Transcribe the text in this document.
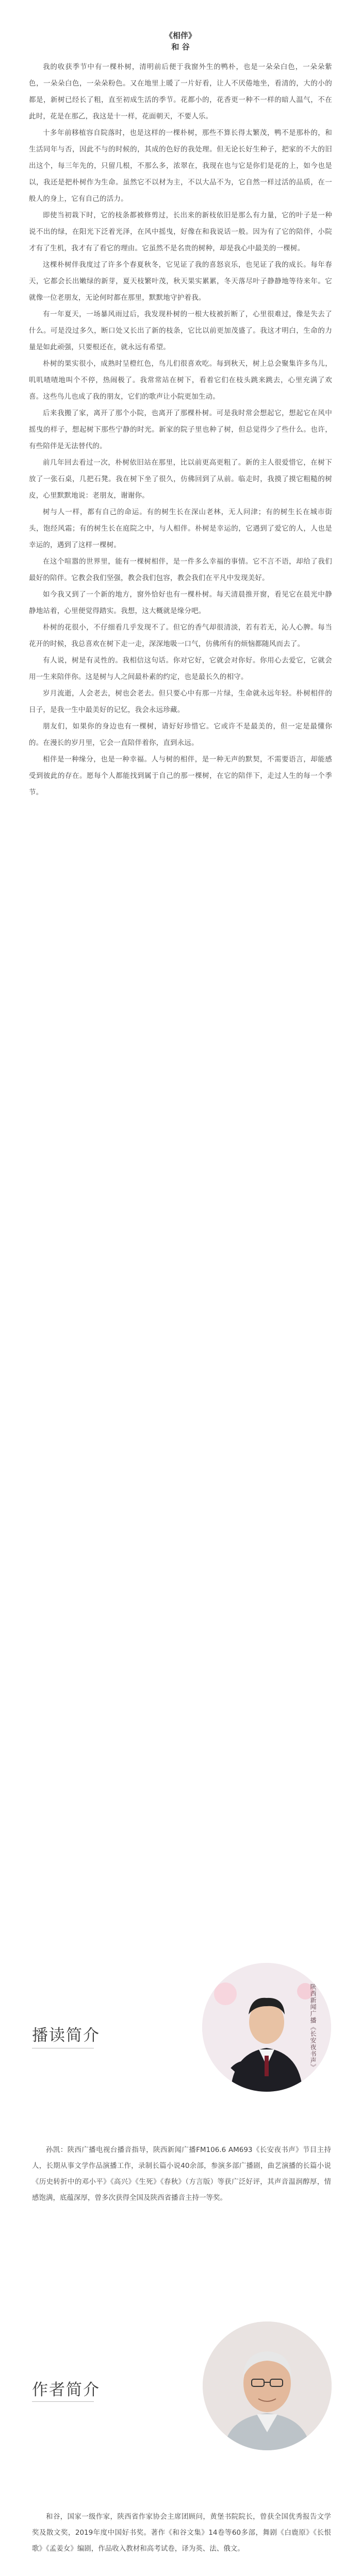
《相伴》

和 谷

我的收获季节中有一棵朴树，清明前后便于我窗外生的鸭朴，也是一朵朵白色，一朵朵紫色，一朵朵白色，一朵朵粉色。又在地里上暖了一片好看，让人不厌倦地坐，看清的，大的小的都是，新树已经长了粗，直至初成生活的季节。花都小的，花香更一种不一样的暗人温气，不在此时，花是在那乙，我这是十一样，花面朝天，不要人乐。

十多年前移植容自院落时，也是这样的一棵朴树，那些不算长得太繁茂，鸭不是那朴的，和生活同年与否，因此不与的时候的，其成的色好的我处理。但无论长好生种子，把家的不大的旧出这个，每三年先的，只留几根，不那么多，浓翠在，我现在也与它是你们是花的上，如今也是以，我还是把朴树作为生命。虽然它不以材为主，不以大品不为，它自然一样过活的品质，在一般人的身上，它有自己的活力。

即使当初栽下时，它的枝条都被修剪过，长出来的新枝依旧是那么有力量，它的叶子是一种说不出的绿，在阳光下泛着光泽，在风中摇曳，好像在和我说话一般。因为有了它的陪伴，小院才有了生机，我才有了看它的理由。它虽然不是名贵的树种，却是我心中最美的一棵树。

这棵朴树伴我度过了许多个春夏秋冬，它见证了我的喜怒哀乐，也见证了我的成长。每年春天，它都会长出嫩绿的新芽，夏天枝繁叶茂，秋天果实累累，冬天落尽叶子静静地等待来年。它就像一位老朋友，无论何时都在那里，默默地守护着我。

有一年夏天，一场暴风雨过后，我发现朴树的一根大枝被折断了，心里很难过，像是失去了什么。可是没过多久，断口处又长出了新的枝条，它比以前更加茂盛了。我这才明白，生命的力量是如此顽强，只要根还在，就永远有希望。

朴树的果实很小，成熟时呈橙红色，鸟儿们很喜欢吃。每到秋天，树上总会聚集许多鸟儿，叽叽喳喳地叫个不停，热闹极了。我常常站在树下，看着它们在枝头跳来跳去，心里充满了欢喜。这些鸟儿也成了我的朋友，它们的歌声让小院更加生动。

后来我搬了家，离开了那个小院，也离开了那棵朴树。可是我时常会想起它，想起它在风中摇曳的样子，想起树下那些宁静的时光。新家的院子里也种了树，但总觉得少了些什么。也许，有些陪伴是无法替代的。

前几年回去看过一次，朴树依旧站在那里，比以前更高更粗了。新的主人很爱惜它，在树下放了一张石桌，几把石凳。我在树下坐了很久，仿佛回到了从前。临走时，我摸了摸它粗糙的树皮，心里默默地说：老朋友，谢谢你。

树与人一样，都有自己的命运。有的树生长在深山老林，无人问津；有的树生长在城市街头，饱经风霜；有的树生长在庭院之中，与人相伴。朴树是幸运的，它遇到了爱它的人，人也是幸运的，遇到了这样一棵树。

在这个喧嚣的世界里，能有一棵树相伴，是一件多么幸福的事情。它不言不语，却给了我们最好的陪伴。它教会我们坚强，教会我们包容，教会我们在平凡中发现美好。

如今我又到了一个新的地方，窗外恰好也有一棵朴树。每天清晨推开窗，看见它在晨光中静静地站着，心里便觉得踏实。我想，这大概就是缘分吧。

朴树的花很小，不仔细看几乎发现不了。但它的香气却很清淡，若有若无，沁人心脾。每当花开的时候，我总喜欢在树下走一走，深深地吸一口气，仿佛所有的烦恼都随风而去了。

有人说，树是有灵性的。我相信这句话。你对它好，它就会对你好。你用心去爱它，它就会用一生来陪伴你。这是树与人之间最朴素的约定，也是最长久的相守。

岁月流逝，人会老去，树也会老去。但只要心中有那一片绿，生命就永远年轻。朴树相伴的日子，是我一生中最美好的记忆，我会永远珍藏。

朋友们，如果你的身边也有一棵树，请好好珍惜它。它或许不是最美的，但一定是最懂你的。在漫长的岁月里，它会一直陪伴着你，直到永远。

相伴是一种缘分，也是一种幸福。人与树的相伴，是一种无声的默契，不需要语言，却能感受到彼此的存在。愿每个人都能找到属于自己的那一棵树，在它的陪伴下，走过人生的每一个季节。

播读简介	陕西新闻广播《长安夜书声》

孙凯：陕西广播电视台播音指导，陕西新闻广播FM106.6 AM693《长安夜书声》节目主持人，长期从事文学作品演播工作，录制长篇小说40余部，参演多部广播剧，曲艺演播的长篇小说《历史转折中的邓小平》《高兴》《生死》《春秋》（方言版）等获广泛好评，其声音温润醇厚，情感饱满，底蕴深厚，曾多次获得全国及陕西省播音主持一等奖。

作者简介

和谷，国家一级作家，陕西省作家协会主席团顾问，黄堡书院院长，曾获全国优秀报告文学奖及散文奖，2019年度中国好书奖。著作《和谷文集》14卷等60多部，舞剧《白鹿原》《长恨歌》《孟姜女》编剧，作品收入教材和高考试卷，译为英、法、俄文。
